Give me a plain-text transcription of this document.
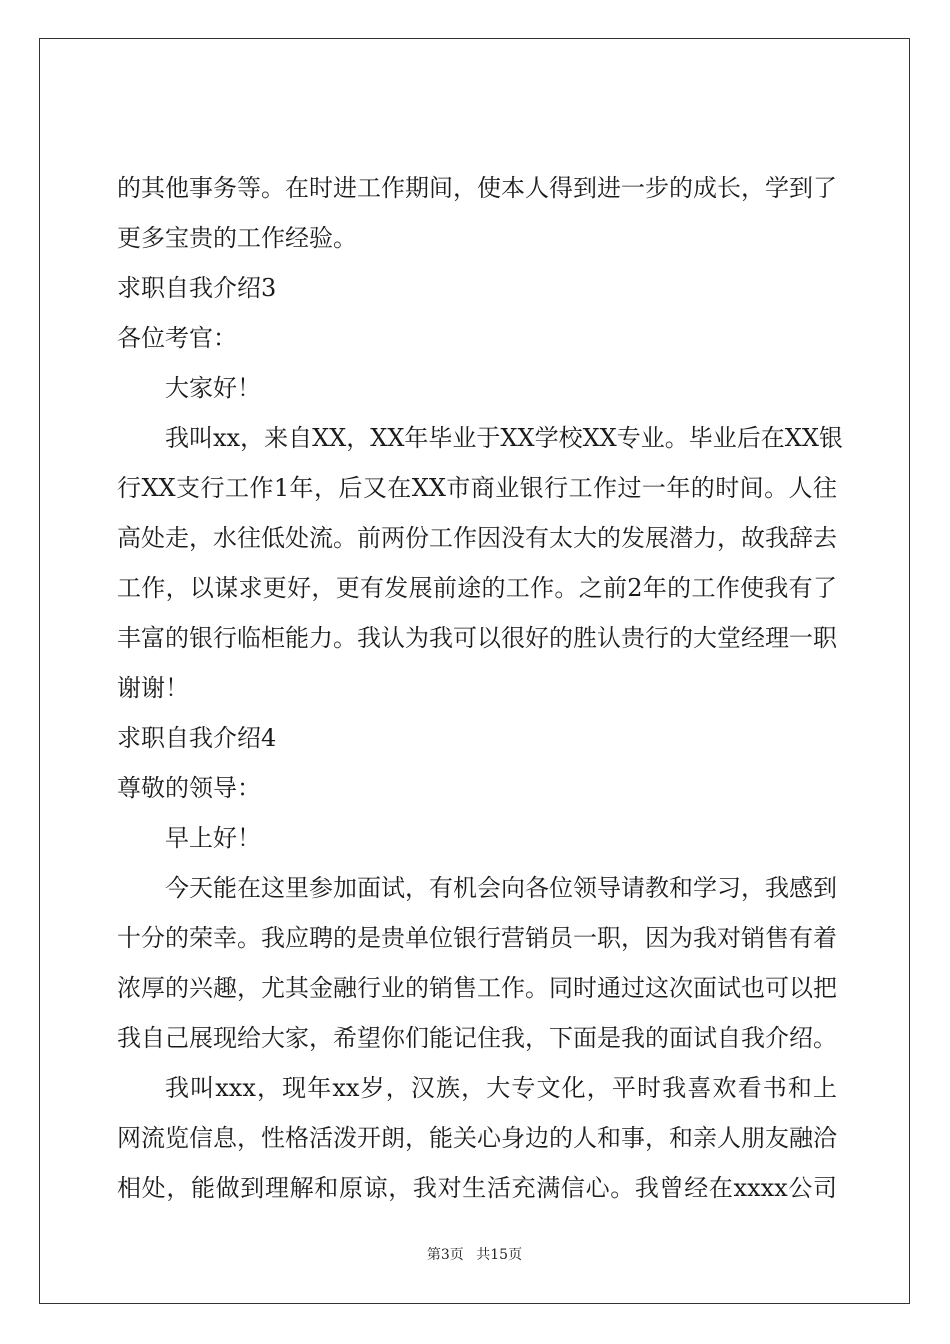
的其他事务等。在时进工作期间，使本人得到进一步的成长，学到了
更多宝贵的工作经验。
求职自我介绍3
各位考官：
大家好！
我叫xx，来自XX，XX年毕业于XX学校XX专业。毕业后在XX银
行XX支行工作1年，后又在XX市商业银行工作过一年的时间。人往
高处走，水往低处流。前两份工作因没有太大的发展潜力，故我辞去
工作，以谋求更好，更有发展前途的工作。之前2年的工作使我有了
丰富的银行临柜能力。我认为我可以很好的胜认贵行的大堂经理一职
谢谢！
求职自我介绍4
尊敬的领导：
早上好！
今天能在这里参加面试，有机会向各位领导请教和学习，我感到
十分的荣幸。我应聘的是贵单位银行营销员一职，因为我对销售有着
浓厚的兴趣，尤其金融行业的销售工作。同时通过这次面试也可以把
我自己展现给大家，希望你们能记住我，下面是我的面试自我介绍。
我叫xxx，现年xx岁，汉族，大专文化，平时我喜欢看书和上
网流览信息，性格活泼开朗，能关心身边的人和事，和亲人朋友融洽
相处，能做到理解和原谅，我对生活充满信心。我曾经在xxxx公司
第3页 共15页
